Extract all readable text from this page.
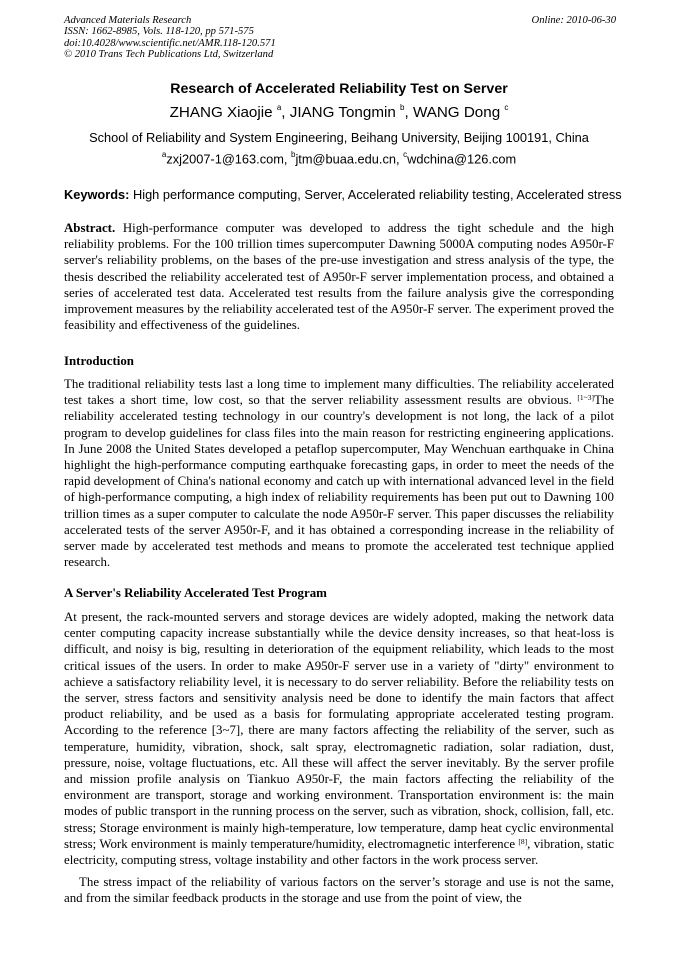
Advanced Materials Research
ISSN: 1662-8985, Vols. 118-120, pp 571-575
doi:10.4028/www.scientific.net/AMR.118-120.571
© 2010 Trans Tech Publications Ltd, Switzerland
Online: 2010-06-30
Research of Accelerated Reliability Test on Server
ZHANG Xiaojie $^a$, JIANG Tongmin $^b$, WANG Dong $^c$
School of Reliability and System Engineering, Beihang University, Beijing 100191, China
$^a$zxj2007-1@163.com, $^b$jtm@buaa.edu.cn, $^c$wdchina@126.com
Keywords: High performance computing, Server, Accelerated reliability testing, Accelerated stress
Abstract. High-performance computer was developed to address the tight schedule and the high reliability problems. For the 100 trillion times supercomputer Dawning 5000A computing nodes A950r-F server's reliability problems, on the bases of the pre-use investigation and stress analysis of the type, the thesis described the reliability accelerated test of A950r-F server implementation process, and obtained a series of accelerated test data. Accelerated test results from the failure analysis give the corresponding improvement measures by the reliability accelerated test of the A950r-F server. The experiment proved the feasibility and effectiveness of the guidelines.
Introduction
The traditional reliability tests last a long time to implement many difficulties. The reliability accelerated test takes a short time, low cost, so that the server reliability assessment results are obvious. [1~3]The reliability accelerated testing technology in our country's development is not long, the lack of a pilot program to develop guidelines for class files into the main reason for restricting engineering applications. In June 2008 the United States developed a petaflop supercomputer, May Wenchuan earthquake in China highlight the high-performance computing earthquake forecasting gaps, in order to meet the needs of the rapid development of China's national economy and catch up with international advanced level in the field of high-performance computing, a high index of reliability requirements has been put out to Dawning 100 trillion times as a super computer to calculate the node A950r-F server. This paper discusses the reliability accelerated tests of the server A950r-F, and it has obtained a corresponding increase in the reliability of server made by accelerated test methods and means to promote the accelerated test technique applied research.
A Server's Reliability Accelerated Test Program
At present, the rack-mounted servers and storage devices are widely adopted, making the network data center computing capacity increase substantially while the device density increases, so that heat-loss is difficult, and noisy is big, resulting in deterioration of the equipment reliability, which leads to the most critical issues of the users. In order to make A950r-F server use in a variety of "dirty" environment to achieve a satisfactory reliability level, it is necessary to do server reliability. Before the reliability tests on the server, stress factors and sensitivity analysis need be done to identify the main factors that affect product reliability, and be used as a basis for formulating appropriate accelerated testing program. According to the reference [3~7], there are many factors affecting the reliability of the server, such as temperature, humidity, vibration, shock, salt spray, electromagnetic radiation, solar radiation, dust, pressure, noise, voltage fluctuations, etc. All these will affect the server inevitably. By the server profile and mission profile analysis on Tiankuo A950r-F, the main factors affecting the reliability of the environment are transport, storage and working environment. Transportation environment is: the main modes of public transport in the running process on the server, such as vibration, shock, collision, fall, etc. stress; Storage environment is mainly high-temperature, low temperature, damp heat cyclic environmental stress; Work environment is mainly temperature/humidity, electromagnetic interference [8], vibration, static electricity, computing stress, voltage instability and other factors in the work process server.
The stress impact of the reliability of various factors on the server’s storage and use is not the same, and from the similar feedback products in the storage and use from the point of view, the
